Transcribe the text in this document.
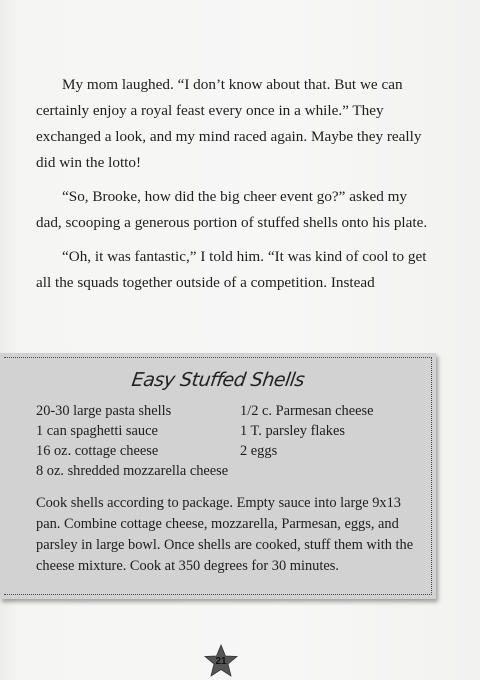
My mom laughed. “I don’t know about that. But we can certainly enjoy a royal feast every once in a while.” They exchanged a look, and my mind raced again. Maybe they really did win the lotto!

“So, Brooke, how did the big cheer event go?” asked my dad, scooping a generous portion of stuffed shells onto his plate.

“Oh, it was fantastic,” I told him. “It was kind of cool to get all the squads together outside of a competition. Instead

Easy Stuffed Shells
20-30 large pasta shells
1 can spaghetti sauce
16 oz. cottage cheese
8 oz. shredded mozzarella cheese
1/2 c. Parmesan cheese
1 T. parsley flakes
2 eggs
Cook shells according to package. Empty sauce into large 9x13 pan. Combine cottage cheese, mozzarella, Parmesan, eggs, and parsley in large bowl. Once shells are cooked, stuff them with the cheese mixture. Cook at 350 degrees for 30 minutes.
21
